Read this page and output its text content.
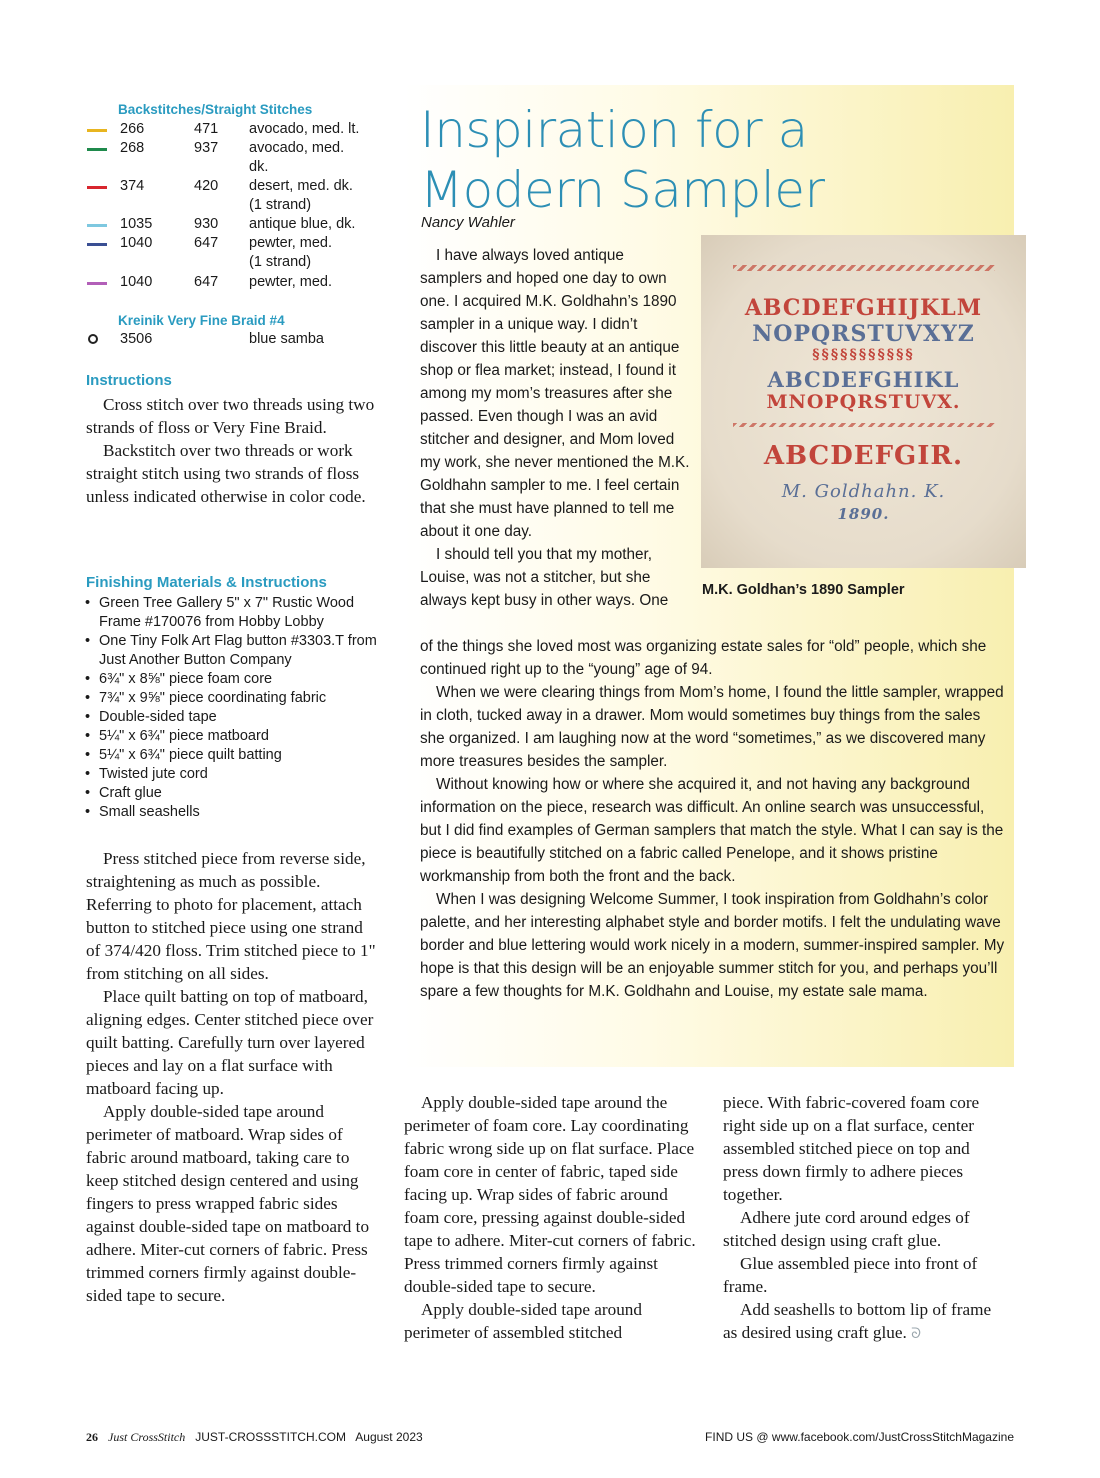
Backstitches/Straight Stitches
266	471 avocado, med. lt.
268	937 avocado, med.
dk.
374	420 desert, med. dk.
(1 strand)
1035	930 antique blue, dk.
1040	647 pewter, med.
(1 strand)
1040	647 pewter, med.
Kreinik Very Fine Braid #4
3506	blue samba
Instructions

Cross stitch over two threads using two strands of floss or Very Fine Braid.

Backstitch over two threads or work straight stitch using two strands of floss unless indicated otherwise in color code.

Finishing Materials & Instructions
• Green Tree Gallery 5" x 7" Rustic Wood Frame #170076 from Hobby Lobby
• One Tiny Folk Art Flag button #3303.T from Just Another Button Company
• 6¾" x 8⅝" piece foam core
• 7¾" x 9⅝" piece coordinating fabric
• Double-sided tape
• 5¼" x 6¾" piece matboard
• 5¼" x 6¾" piece quilt batting
• Twisted jute cord
• Craft glue
• Small seashells

Press stitched piece from reverse side, straightening as much as possible. Referring to photo for placement, attach button to stitched piece using one strand of 374/420 floss. Trim stitched piece to 1" from stitching on all sides.

Place quilt batting on top of matboard, aligning edges. Center stitched piece over quilt batting. Carefully turn over layered pieces and lay on a flat surface with matboard facing up.

Apply double-sided tape around perimeter of matboard. Wrap sides of fabric around matboard, taking care to keep stitched design centered and using fingers to press wrapped fabric sides against double-sided tape on matboard to adhere. Miter-cut corners of fabric. Press trimmed corners firmly against double-sided tape to secure.

Inspiration for a
Modern Sampler
Nancy Wahler

I have always loved antique samplers and hoped one day to own one. I acquired M.K. Goldhahn’s 1890 sampler in a unique way. I didn’t discover this little beauty at an antique shop or flea market; instead, I found it among my mom’s treasures after she passed. Even though I was an avid stitcher and designer, and Mom loved my work, she never mentioned the M.K. Goldhahn sampler to me. I feel certain that she must have planned to tell me about it one day.

I should tell you that my mother, Louise, was not a stitcher, but she always kept busy in other ways. One

of the things she loved most was organizing estate sales for “old” people, which she continued right up to the “young” age of 94.

When we were clearing things from Mom’s home, I found the little sampler, wrapped in cloth, tucked away in a drawer. Mom would sometimes buy things from the sales she organized. I am laughing now at the word “sometimes,” as we discovered many more treasures besides the sampler.

Without knowing how or where she acquired it, and not having any background information on the piece, research was difficult. An online search was unsuccessful, but I did find examples of German samplers that match the style. What I can say is the piece is beautifully stitched on a fabric called Penelope, and it shows pristine workmanship from both the front and the back.

When I was designing Welcome Summer, I took inspiration from Goldhahn’s color palette, and her interesting alphabet style and border motifs. I felt the undulating wave border and blue lettering would work nicely in a modern, summer-inspired sampler. My hope is that this design will be an enjoyable summer stitch for you, and perhaps you’ll spare a few thoughts for M.K. Goldhahn and Louise, my estate sale mama.

ABCDEFGHIJKLM
NOPQRSTUVXYZ
§§§§§§§§§§§
ABCDEFGHIKL
MNOPQRSTUVX.
ABCDEFGIR.
M. Goldhahn. K.
1890.
M.K. Goldhan’s 1890 Sampler

Apply double-sided tape around the perimeter of foam core. Lay coordinating fabric wrong side up on flat surface. Place foam core in center of fabric, taped side facing up. Wrap sides of fabric around foam core, pressing against double-sided tape to adhere. Miter-cut corners of fabric. Press trimmed corners firmly against double-sided tape to secure.

Apply double-sided tape around perimeter of assembled stitched

piece. With fabric-covered foam core right side up on a flat surface, center assembled stitched piece on top and press down firmly to adhere pieces together.

Adhere jute cord around edges of stitched design using craft glue.

Glue assembled piece into front of frame.

Add seashells to bottom lip of frame as desired using craft glue. ᘐ

26 Just CrossStitch JUST-CROSSSTITCH.COM August 2023	FIND US @ www.facebook.com/JustCrossStitchMagazine
